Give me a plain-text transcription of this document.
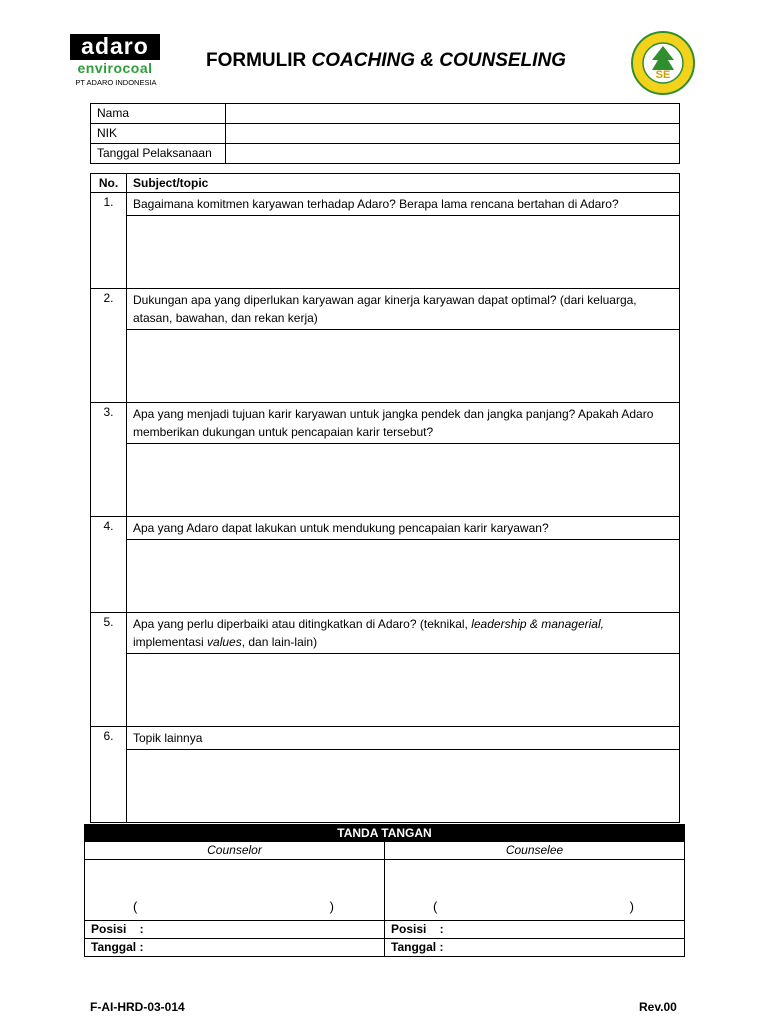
adaro
envirocoal
PT ADARO INDONESIA
FORMULIR COACHING & COUNSELING
SE
Nama	
NIK	
Tanggal Pelaksanaan	
No.	Subject/topic
1.	Bagaimana komitmen karyawan terhadap Adaro? Berapa lama rencana bertahan di Adaro?

2.	Dukungan apa yang diperlukan karyawan agar kinerja karyawan dapat optimal? (dari keluarga, atasan, bawahan, dan rekan kerja)

3.	Apa yang menjadi tujuan karir karyawan untuk jangka pendek dan jangka panjang? Apakah Adaro memberikan dukungan untuk pencapaian karir tersebut?

4.	Apa yang Adaro dapat lakukan untuk mendukung pencapaian karir karyawan?

5.	Apa yang perlu diperbaiki atau ditingkatkan di Adaro? (teknikal, leadership & managerial, implementasi values, dan lain-lain)

6.	Topik lainnya

TANDA TANGAN	
Counselor	Counselee

( )	( )

Posisi    :	Posisi    :
Tanggal :	Tanggal :
F-AI-HRD-03-014	Rev.00
